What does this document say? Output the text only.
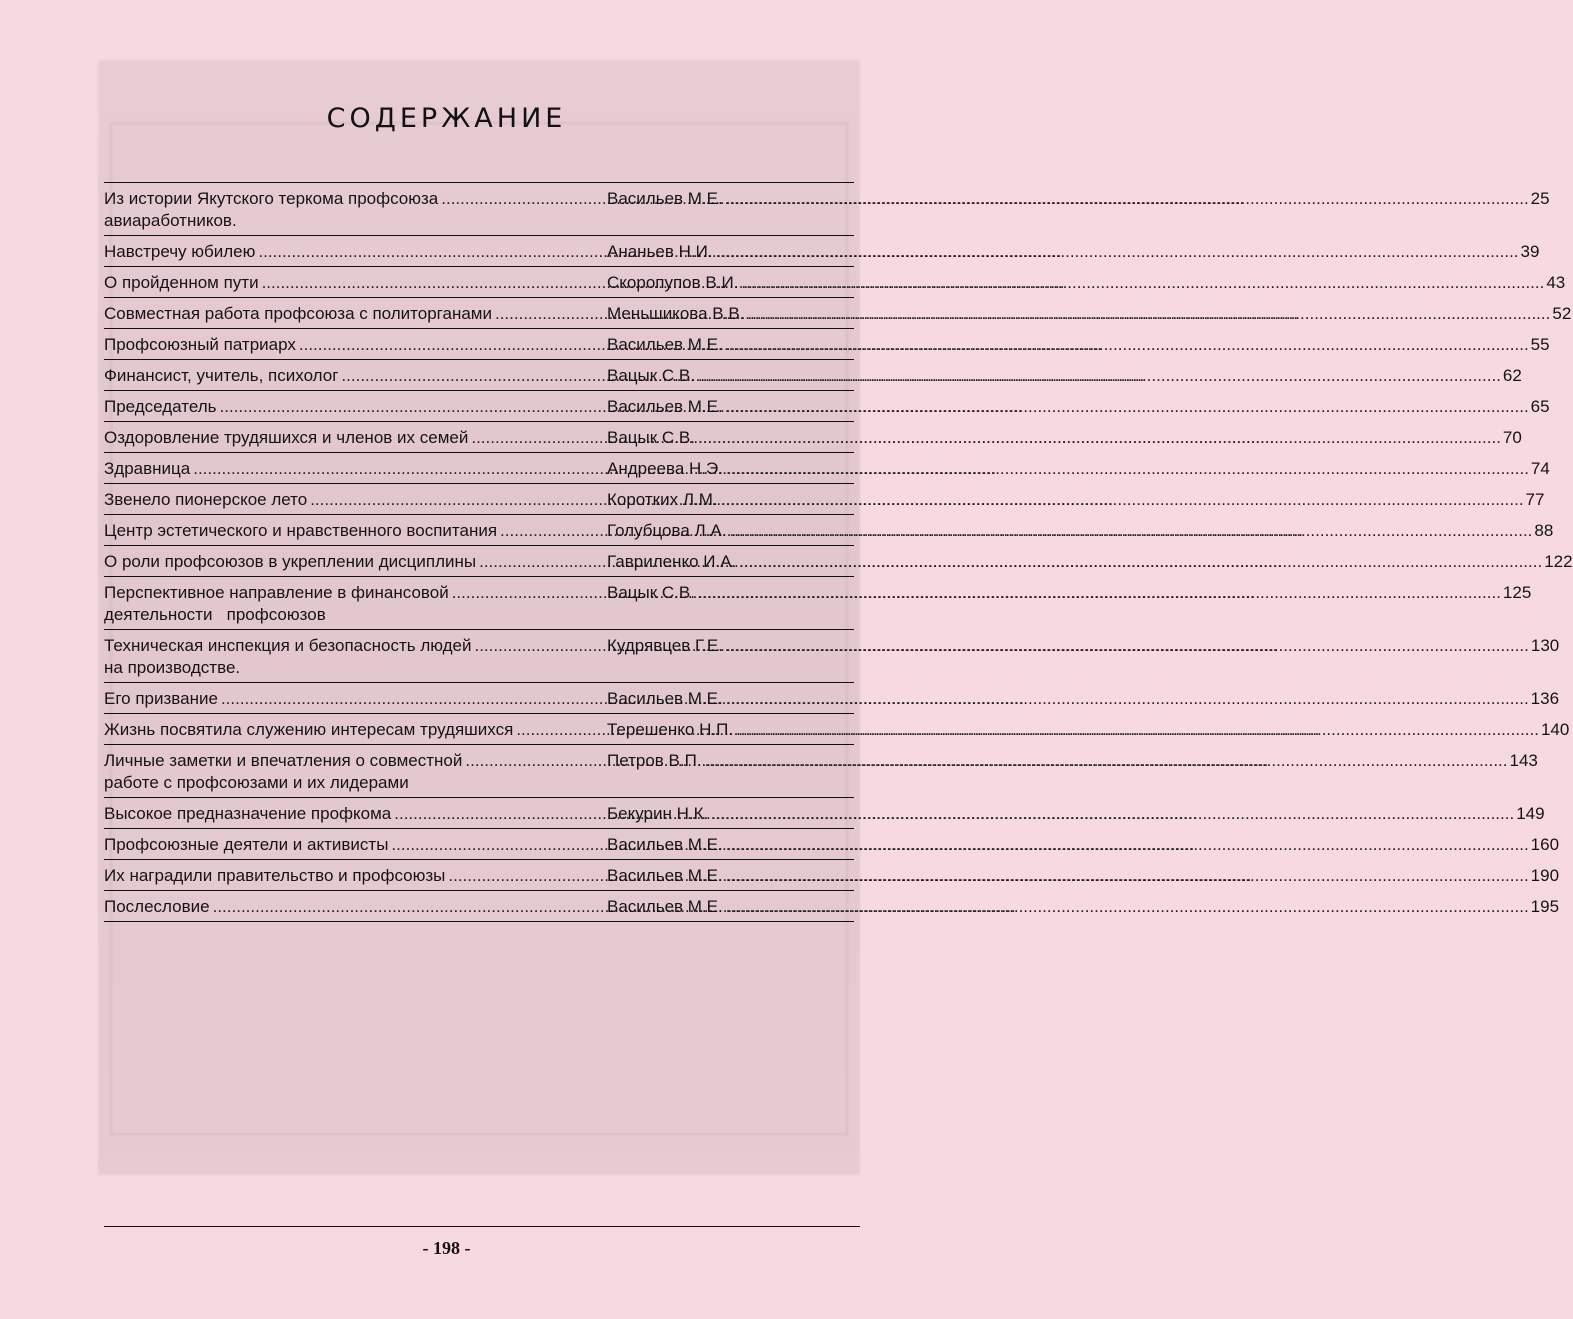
СОДЕРЖАНИЕ
Из истории Якутского теркома профсоюза
.....
авиаработников.
Васильев М.Е. .....	25
Навстречу юбилею .....	Ананьев Н.И. .....	39
О пройденном пути .....	Скоропупов В.И. .....	43
Совместная работа профсоюза с политорганами .....	Меньшикова В.В. .....	52
Профсоюзный патриарх .....	Васильев М.Е. .....	55
Финансист, учитель, психолог .....	Вацык С.В. .....	62
Председатель .....	Васильев М.Е. .....	65
Оздоровление трудяшихся и членов их семей .....	Вацык С.В. .....	70
Здравница .....	Андреева Н.Э. .....	74
Звенело пионерское лето .....	Коротких Л.М. .....	77
Центр эстетического и нравственного воспитания .....	Голубцова Л.А. .....	88
О роли профсоюзов в укреплении дисциплины .....	Гавриленко И.А. .....	122
Перспективное направление в финансовой
.....
деятельности   профсоюзов
Вацык С.В. .....	125
Техническая инспекция и безопасность людей
.....
на производстве.
Кудрявцев Г.Е. .....	130
Его призвание .....	Васильев М.Е. .....	136
Жизнь посвятила служению интересам трудяшихся .....	Терешенко Н.П. .....	140
Личные заметки и впечатления о совместной
.....
работе с профсоюзами и их лидерами
Петров В.П. .....	143
Высокое предназначение профкома .....	Бекурин Н.К. .....	149
Профсоюзные деятели и активисты .....	Васильев М.Е. .....	160
Их наградили правительство и профсоюзы .....	Васильев М.Е. .....	190
Послесловие .....	Васильев М.Е. .....	195
- 198 -
